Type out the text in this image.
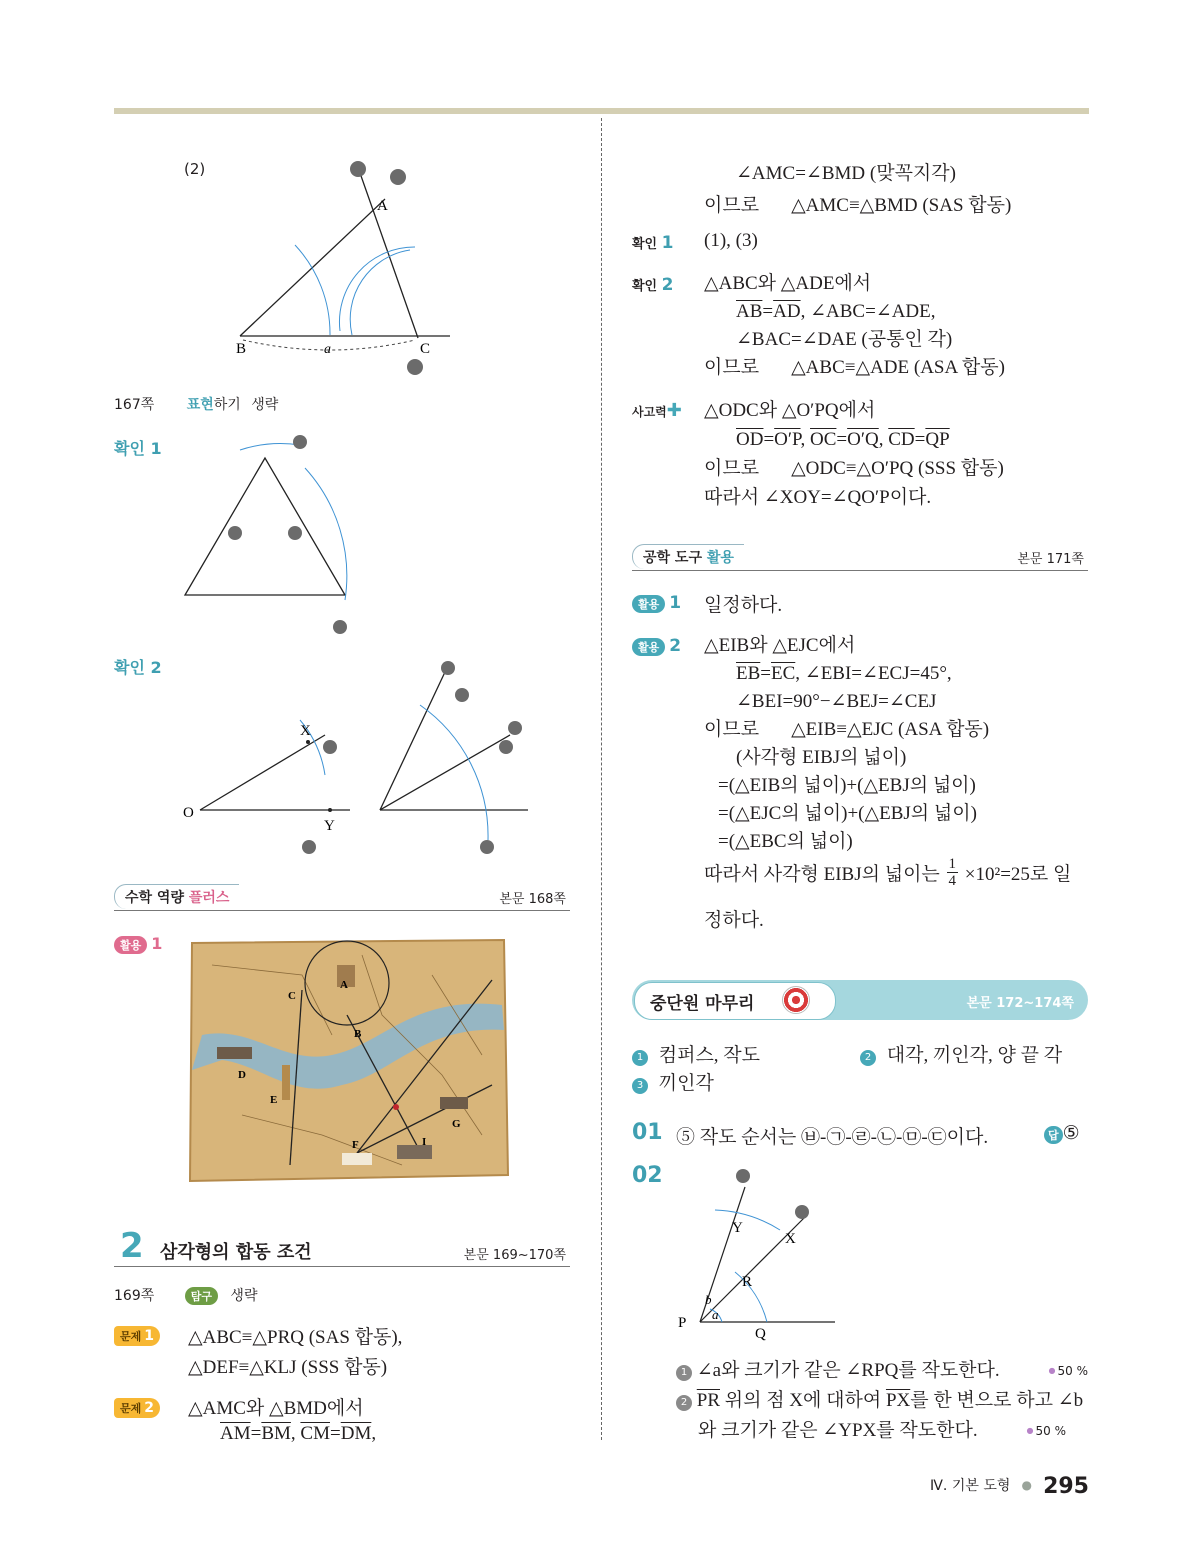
(2)
A
B	a	C
167쪽 표현하기 생략
확인 1
확인 2
X
O
Y
수학 역량 플러스	본문 168쪽
활용 1
A
B
C
D
E
F
G
I
2 삼각형의 합동 조건	본문 169~170쪽
169쪽	탐구 생략
문제 1	△ABC≡△PRQ (SAS 합동),
△DEF≡△KLJ (SSS 합동)
문제 2	△AMC와 △BMD에서
$\overline{AM}=\overline{BM}$, $\overline{CM}=\overline{DM}$,
∠AMC=∠BMD (맞꼭지각)
이므로 △AMC≡△BMD (SAS 합동)
확인 1 (1), (3)
확인 2 △ABC와 △ADE에서
$\overline{AB}=\overline{AD}$, ∠ABC=∠ADE,
∠BAC=∠DAE (공통인 각)
이므로 △ABC≡△ADE (ASA 합동)
사고력✚ △ODC와 △O′PQ에서
$\overline{OD}=O'P$, $\overline{OC}=O'Q$, $\overline{CD}=\overline{QP}$
이므로 △ODC≡△O′PQ (SSS 합동)
따라서 ∠XOY=∠QO′P이다.
공학 도구 활용	본문 171쪽
활용 1 일정하다.
활용 2 △EIB와 △EJC에서
$\overline{EB}=\overline{EC}$, ∠EBI=∠ECJ=45°,
∠BEI=90°−∠BEJ=∠CEJ
이므로 △EIB≡△EJC (ASA 합동)
(사각형 EIBJ의 넓이)
=(△EIB의 넓이)+(△EBJ의 넓이)
=(△EJC의 넓이)+(△EBJ의 넓이)
=(△EBC의 넓이)
따라서 사각형 EIBJ의 넓이는 $\frac{1}{4} \times 10^2=25$로 일
정하다.
중단원 마무리	본문 172~174쪽
1 컴퍼스, 작도
3 끼인각
2 대각, 끼인각, 양 끝 각
01 ⑤ 작도 순서는 ㉥-㉠-㉣-㉡-㉤-㉢이다.	답 ⑤
02
Y
X
R
P
Q
b
a
1 ∠a와 크기가 같은 ∠RPQ를 작도한다.	● 50 %
2 $\overline{PR}$ 위의 점 X에 대하여 $\overline{PX}$를 한 변으로 하고 ∠b
와 크기가 같은 ∠YPX를 작도한다.	● 50 %
Ⅳ. 기본 도형 ● 295
